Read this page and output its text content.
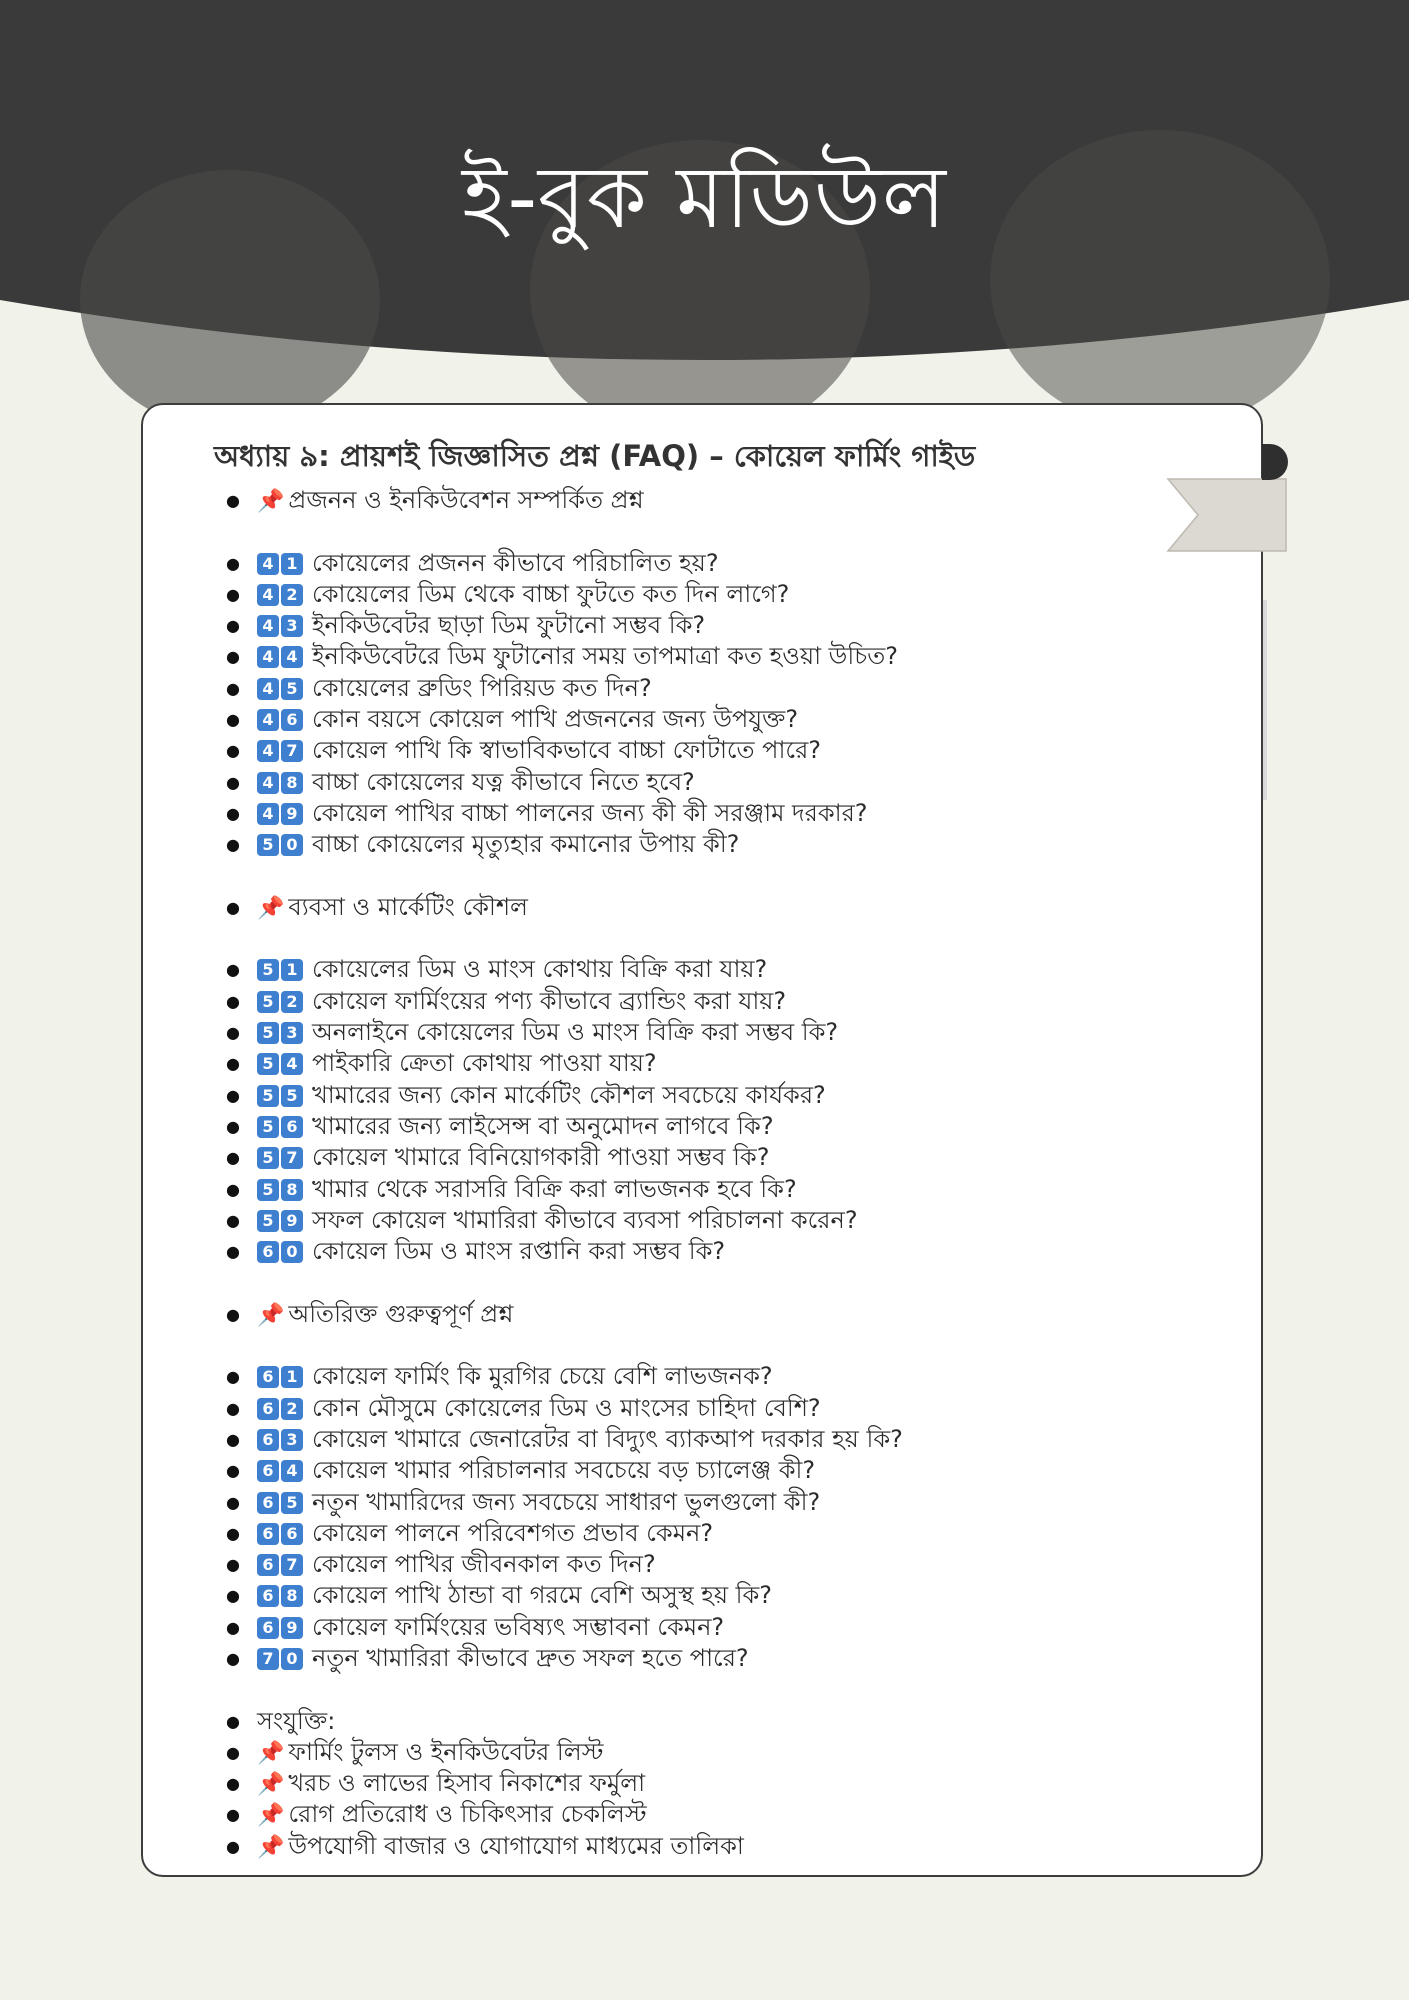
ই-বুক মডিউল
অধ্যায় ৯: প্রায়শই জিজ্ঞাসিত প্রশ্ন (FAQ) – কোয়েল ফার্মিং গাইড
● 📌 প্রজনন ও ইনকিউবেশন সম্পর্কিত প্রশ্ন
● 4 1 কোয়েলের প্রজনন কীভাবে পরিচালিত হয়?
● 4 2 কোয়েলের ডিম থেকে বাচ্চা ফুটতে কত দিন লাগে?
● 4 3 ইনকিউবেটর ছাড়া ডিম ফুটানো সম্ভব কি?
● 4 4 ইনকিউবেটরে ডিম ফুটানোর সময় তাপমাত্রা কত হওয়া উচিত?
● 4 5 কোয়েলের ব্রুডিং পিরিয়ড কত দিন?
● 4 6 কোন বয়সে কোয়েল পাখি প্রজননের জন্য উপযুক্ত?
● 4 7 কোয়েল পাখি কি স্বাভাবিকভাবে বাচ্চা ফোটাতে পারে?
● 4 8 বাচ্চা কোয়েলের যত্ন কীভাবে নিতে হবে?
● 4 9 কোয়েল পাখির বাচ্চা পালনের জন্য কী কী সরঞ্জাম দরকার?
● 5 0 বাচ্চা কোয়েলের মৃত্যুহার কমানোর উপায় কী?
● 📌 ব্যবসা ও মার্কেটিং কৌশল
● 5 1 কোয়েলের ডিম ও মাংস কোথায় বিক্রি করা যায়?
● 5 2 কোয়েল ফার্মিংয়ের পণ্য কীভাবে ব্র্যান্ডিং করা যায়?
● 5 3 অনলাইনে কোয়েলের ডিম ও মাংস বিক্রি করা সম্ভব কি?
● 5 4 পাইকারি ক্রেতা কোথায় পাওয়া যায়?
● 5 5 খামারের জন্য কোন মার্কেটিং কৌশল সবচেয়ে কার্যকর?
● 5 6 খামারের জন্য লাইসেন্স বা অনুমোদন লাগবে কি?
● 5 7 কোয়েল খামারে বিনিয়োগকারী পাওয়া সম্ভব কি?
● 5 8 খামার থেকে সরাসরি বিক্রি করা লাভজনক হবে কি?
● 5 9 সফল কোয়েল খামারিরা কীভাবে ব্যবসা পরিচালনা করেন?
● 6 0 কোয়েল ডিম ও মাংস রপ্তানি করা সম্ভব কি?
● 📌 অতিরিক্ত গুরুত্বপূর্ণ প্রশ্ন
● 6 1 কোয়েল ফার্মিং কি মুরগির চেয়ে বেশি লাভজনক?
● 6 2 কোন মৌসুমে কোয়েলের ডিম ও মাংসের চাহিদা বেশি?
● 6 3 কোয়েল খামারে জেনারেটর বা বিদ্যুৎ ব্যাকআপ দরকার হয় কি?
● 6 4 কোয়েল খামার পরিচালনার সবচেয়ে বড় চ্যালেঞ্জ কী?
● 6 5 নতুন খামারিদের জন্য সবচেয়ে সাধারণ ভুলগুলো কী?
● 6 6 কোয়েল পালনে পরিবেশগত প্রভাব কেমন?
● 6 7 কোয়েল পাখির জীবনকাল কত দিন?
● 6 8 কোয়েল পাখি ঠান্ডা বা গরমে বেশি অসুস্থ হয় কি?
● 6 9 কোয়েল ফার্মিংয়ের ভবিষ্যৎ সম্ভাবনা কেমন?
● 7 0 নতুন খামারিরা কীভাবে দ্রুত সফল হতে পারে?
● সংযুক্তি:
● 📌 ফার্মিং টুলস ও ইনকিউবেটর লিস্ট
● 📌 খরচ ও লাভের হিসাব নিকাশের ফর্মুলা
● 📌 রোগ প্রতিরোধ ও চিকিৎসার চেকলিস্ট
● 📌 উপযোগী বাজার ও যোগাযোগ মাধ্যমের তালিকা
